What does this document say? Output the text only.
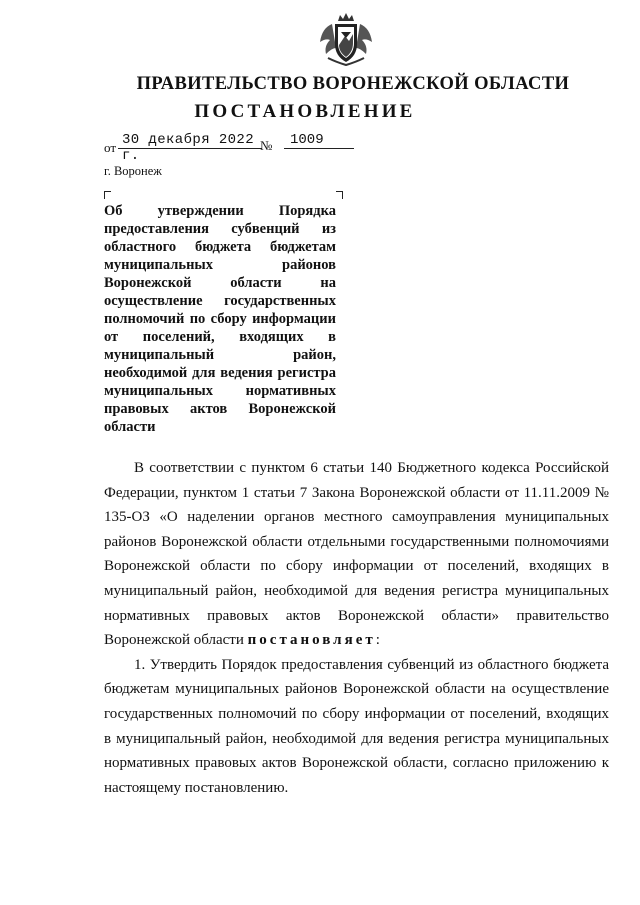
ПРАВИТЕЛЬСТВО ВОРОНЕЖСКОЙ ОБЛАСТИ
ПОСТАНОВЛЕНИЕ
от 30 декабря 2022 г.
№	1009
г. Воронеж
Об утверждении Порядка предоставления субвенций из областного бюджета бюджетам муниципальных районов Воронежской области на осуществление государственных полномочий по сбору информации от поселений, входящих в муниципальный район, необходимой для ведения регистра муниципальных нормативных правовых актов Воронежской области

В соответствии с пунктом 6 статьи 140 Бюджетного кодекса Российской Федерации, пунктом 1 статьи 7 Закона Воронежской области от 11.11.2009 № 135-ОЗ «О наделении органов местного самоуправления муниципальных районов Воронежской области отдельными государственными полномочиями Воронежской области по сбору информации от поселений, входящих в муниципальный район, необходимой для ведения регистра муниципальных нормативных правовых актов Воронежской области» правительство Воронежской области постановляет:

1. Утвердить Порядок предоставления субвенций из областного бюджета бюджетам муниципальных районов Воронежской области на осуществление государственных полномочий по сбору информации от поселений, входящих в муниципальный район, необходимой для ведения регистра муниципальных нормативных правовых актов Воронежской области, согласно приложению к настоящему постановлению.
